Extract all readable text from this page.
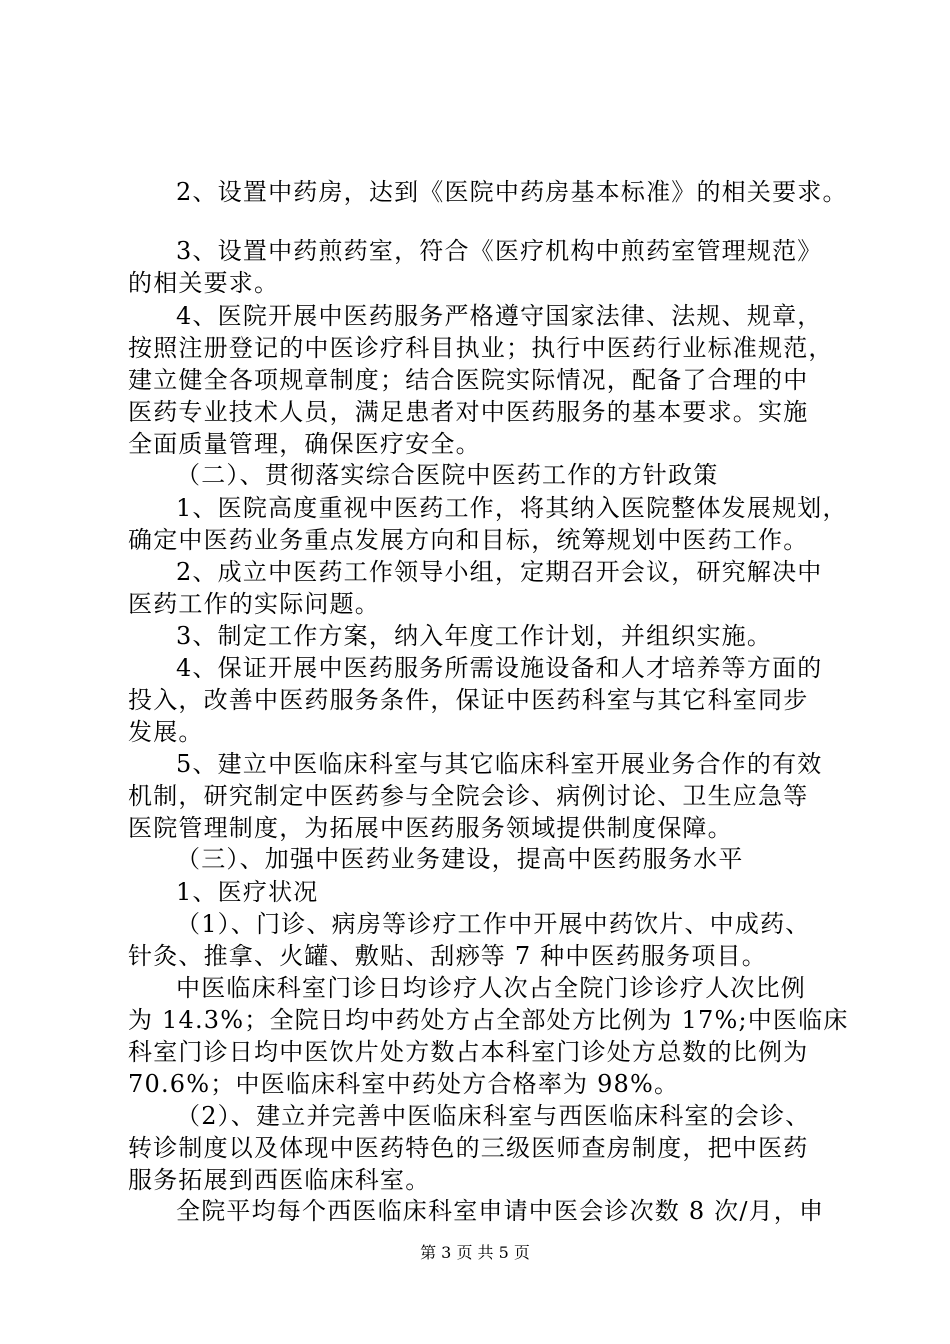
2、设置中药房，达到《医院中药房基本标准》的相关要求。
3、设置中药煎药室，符合《医疗机构中煎药室管理规范》
的相关要求。
4、医院开展中医药服务严格遵守国家法律、法规、规章，
按照注册登记的中医诊疗科目执业；执行中医药行业标准规范，
建立健全各项规章制度；结合医院实际情况，配备了合理的中
医药专业技术人员，满足患者对中医药服务的基本要求。实施
全面质量管理，确保医疗安全。
（二）、贯彻落实综合医院中医药工作的方针政策
1、医院高度重视中医药工作，将其纳入医院整体发展规划，
确定中医药业务重点发展方向和目标，统筹规划中医药工作。
2、成立中医药工作领导小组，定期召开会议，研究解决中
医药工作的实际问题。
3、制定工作方案，纳入年度工作计划，并组织实施。
4、保证开展中医药服务所需设施设备和人才培养等方面的
投入，改善中医药服务条件，保证中医药科室与其它科室同步
发展。
5、建立中医临床科室与其它临床科室开展业务合作的有效
机制，研究制定中医药参与全院会诊、病例讨论、卫生应急等
医院管理制度，为拓展中医药服务领域提供制度保障。
（三）、加强中医药业务建设，提高中医药服务水平
1、医疗状况
（1）、门诊、病房等诊疗工作中开展中药饮片、中成药、
针灸、推拿、火罐、敷贴、刮痧等 7 种中医药服务项目。
中医临床科室门诊日均诊疗人次占全院门诊诊疗人次比例
为 14.3%；全院日均中药处方占全部处方比例为 17%;中医临床
科室门诊日均中医饮片处方数占本科室门诊处方总数的比例为
70.6%；中医临床科室中药处方合格率为 98%。
（2）、建立并完善中医临床科室与西医临床科室的会诊、
转诊制度以及体现中医药特色的三级医师查房制度，把中医药
服务拓展到西医临床科室。
全院平均每个西医临床科室申请中医会诊次数 8 次/月，申
第 3 页 共 5 页
